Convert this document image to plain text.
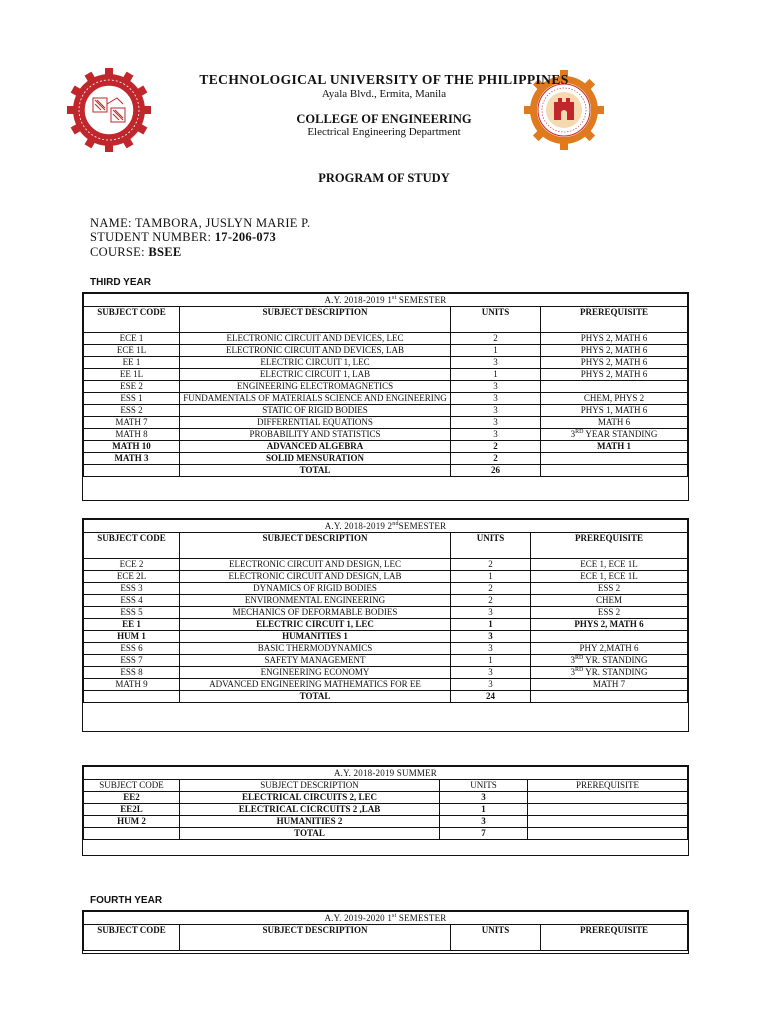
TECHNOLOGICAL UNIVERSITY OF THE PHILIPPINES
Ayala Blvd., Ermita, Manila
COLLEGE OF ENGINEERING
Electrical Engineering Department
PROGRAM OF STUDY
NAME: TAMBORA, JUSLYN MARIE P.
STUDENT NUMBER: 17-206-073
COURSE: BSEE
THIRD YEAR
A.Y. 2018-2019 1st SEMESTER			
SUBJECT CODE	SUBJECT DESCRIPTION	UNITS	PREREQUISITE
ECE 1	ELECTRONIC CIRCUIT AND DEVICES, LEC	2	PHYS 2, MATH 6
ECE 1L	ELECTRONIC CIRCUIT AND DEVICES, LAB	1	PHYS 2, MATH 6
EE 1	ELECTRIC CIRCUIT 1, LEC	3	PHYS 2, MATH 6
EE 1L	ELECTRIC CIRCUIT 1, LAB	1	PHYS 2, MATH 6
ESE 2	ENGINEERING ELECTROMAGNETICS	3	
ESS 1	FUNDAMENTALS OF MATERIALS SCIENCE AND ENGINEERING	3	CHEM, PHYS 2
ESS 2	STATIC OF RIGID BODIES	3	PHYS 1, MATH 6
MATH 7	DIFFERENTIAL EQUATIONS	3	MATH 6
MATH 8	PROBABILITY AND STATISTICS	3	3RD YEAR STANDING
MATH 10	ADVANCED ALGEBRA	2	MATH 1
MATH 3	SOLID MENSURATION	2	
	TOTAL	26	
A.Y. 2018-2019 2ndSEMESTER			
SUBJECT CODE	SUBJECT DESCRIPTION	UNITS	PREREQUISITE
ECE 2	ELECTRONIC CIRCUIT AND DESIGN, LEC	2	ECE 1, ECE 1L
ECE 2L	ELECTRONIC CIRCUIT AND DESIGN, LAB	1	ECE 1, ECE 1L
ESS 3	DYNAMICS OF RIGID BODIES	2	ESS 2
ESS 4	ENVIRONMENTAL ENGINEERING	2	CHEM
ESS 5	MECHANICS OF DEFORMABLE BODIES	3	ESS 2
EE 1	ELECTRIC CIRCUIT 1, LEC	1	PHYS 2, MATH 6
HUM 1	HUMANITIES 1	3	
ESS 6	BASIC THERMODYNAMICS	3	PHY 2,MATH 6
ESS 7	SAFETY MANAGEMENT	1	3RD YR. STANDING
ESS 8	ENGINEERING ECONOMY	3	3RD YR. STANDING
MATH 9	ADVANCED ENGINEERING MATHEMATICS FOR EE	3	MATH 7
	TOTAL	24	
A.Y. 2018-2019 SUMMER			
SUBJECT CODE	SUBJECT DESCRIPTION	UNITS	PREREQUISITE
EE2	ELECTRICAL CIRCUITS 2, LEC	3	
EE2L	ELECTRICAL CICRCUITS 2 ,LAB	1	
HUM 2	HUMANITIES 2	3	
	TOTAL	7	
FOURTH YEAR
A.Y. 2019-2020 1st SEMESTER
SUBJECT CODE	SUBJECT DESCRIPTION	UNITS	PREREQUISITE
